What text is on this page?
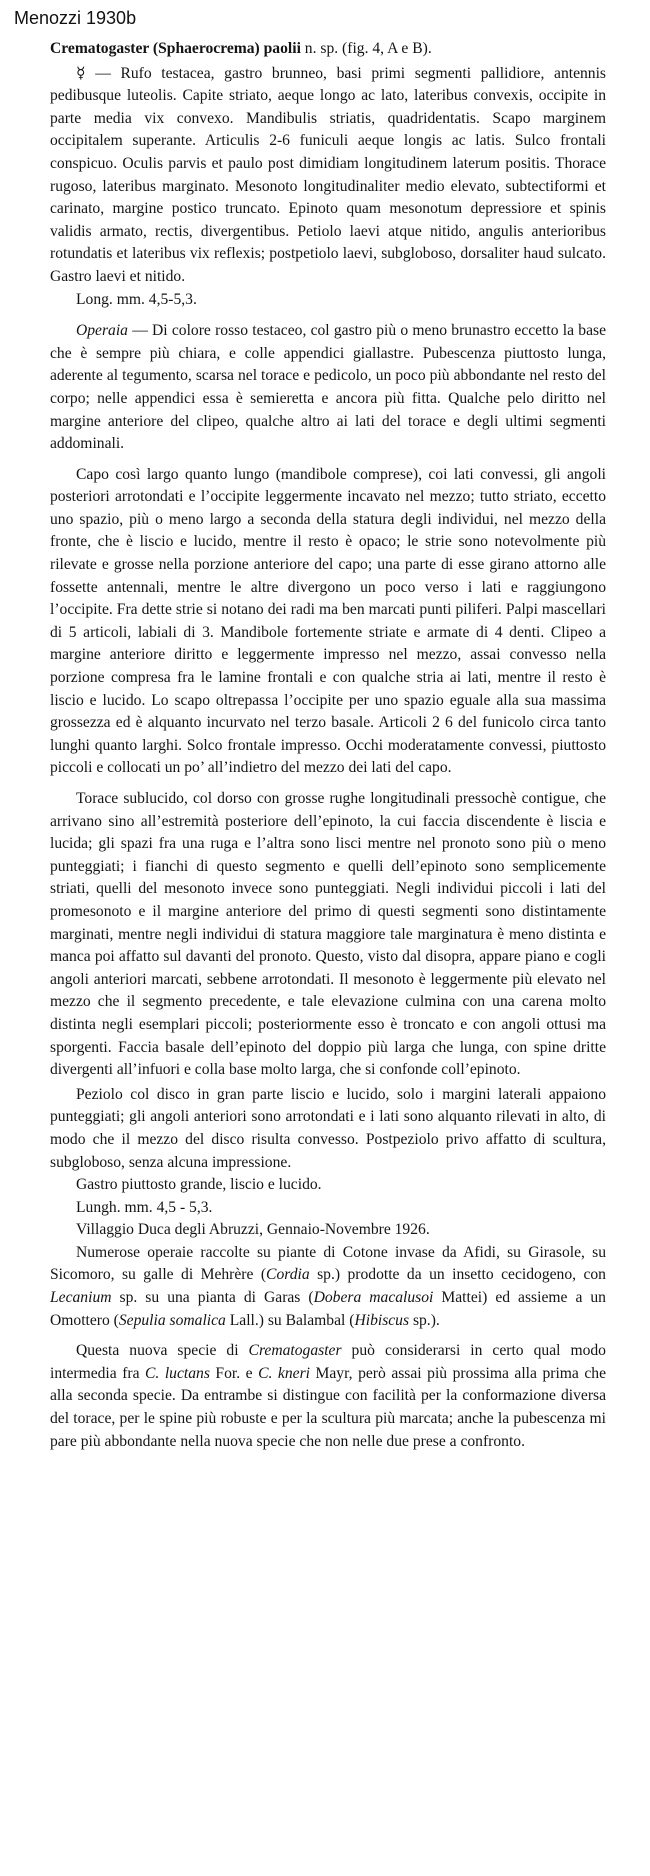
Menozzi 1930b

Crematogaster (Sphaerocrema) paolii n. sp. (fig. 4, A e B).

☿ — Rufo testacea, gastro brunneo, basi primi segmenti pallidiore, antennis pedibusque luteolis. Capite striato, aeque longo ac lato, lateribus convexis, occipite in parte media vix convexo. Mandibulis striatis, quadridentatis. Scapo marginem occipitalem superante. Articulis 2-6 funiculi aeque longis ac latis. Sulco frontali conspicuo. Oculis parvis et paulo post dimidiam longitudinem laterum positis. Thorace rugoso, lateribus marginato. Mesonoto longitudinaliter medio elevato, subtectiformi et carinato, margine postico truncato. Epinoto quam mesonotum depressiore et spinis validis armato, rectis, divergentibus. Petiolo laevi atque nitido, angulis anterioribus rotundatis et lateribus vix reflexis; postpetiolo laevi, subgloboso, dorsaliter haud sulcato. Gastro laevi et nitido.

Long. mm. 4,5-5,3.

Operaia — Di colore rosso testaceo, col gastro più o meno brunastro eccetto la base che è sempre più chiara, e colle appendici giallastre. Pubescenza piuttosto lunga, aderente al tegumento, scarsa nel torace e pedicolo, un poco più abbondante nel resto del corpo; nelle appendici essa è semieretta e ancora più fitta. Qualche pelo diritto nel margine anteriore del clipeo, qualche altro ai lati del torace e degli ultimi segmenti addominali.

Capo così largo quanto lungo (mandibole comprese), coi lati convessi, gli angoli posteriori arrotondati e l’occipite leggermente incavato nel mezzo; tutto striato, eccetto uno spazio, più o meno largo a seconda della statura degli individui, nel mezzo della fronte, che è liscio e lucido, mentre il resto è opaco; le strie sono notevolmente più rilevate e grosse nella porzione anteriore del capo; una parte di esse girano attorno alle fossette antennali, mentre le altre divergono un poco verso i lati e raggiungono l’occipite. Fra dette strie si notano dei radi ma ben marcati punti piliferi. Palpi mascellari di 5 articoli, labiali di 3. Mandibole fortemente striate e armate di 4 denti. Clipeo a margine anteriore diritto e leggermente impresso nel mezzo, assai convesso nella porzione compresa fra le lamine frontali e con qualche stria ai lati, mentre il resto è liscio e lucido. Lo scapo oltrepassa l’occipite per uno spazio eguale alla sua massima grossezza ed è alquanto incurvato nel terzo basale. Articoli 2 6 del funicolo circa tanto lunghi quanto larghi. Solco frontale impresso. Occhi moderatamente convessi, piuttosto piccoli e collocati un po’ all’indietro del mezzo dei lati del capo.

Torace sublucido, col dorso con grosse rughe longitudinali pressochè contigue, che arrivano sino all’estremità posteriore dell’epinoto, la cui faccia discendente è liscia e lucida; gli spazi fra una ruga e l’altra sono lisci mentre nel pronoto sono più o meno punteggiati; i fianchi di questo segmento e quelli dell’epinoto sono semplicemente striati, quelli del mesonoto invece sono punteggiati. Negli individui piccoli i lati del promesonoto e il margine anteriore del primo di questi segmenti sono distintamente marginati, mentre negli individui di statura maggiore tale marginatura è meno distinta e manca poi affatto sul davanti del pronoto. Questo, visto dal disopra, appare piano e cogli angoli anteriori marcati, sebbene arrotondati. Il mesonoto è leggermente più elevato nel mezzo che il segmento precedente, e tale elevazione culmina con una carena molto distinta negli esemplari piccoli; posteriormente esso è troncato e con angoli ottusi ma sporgenti. Faccia basale dell’epinoto del doppio più larga che lunga, con spine dritte divergenti all’infuori e colla base molto larga, che si confonde coll’epinoto.

Peziolo col disco in gran parte liscio e lucido, solo i margini laterali appaiono punteggiati; gli angoli anteriori sono arrotondati e i lati sono alquanto rilevati in alto, di modo che il mezzo del disco risulta convesso. Postpeziolo privo affatto di scultura, subgloboso, senza alcuna impressione.

Gastro piuttosto grande, liscio e lucido.

Lungh. mm. 4,5 - 5,3.

Villaggio Duca degli Abruzzi, Gennaio-Novembre 1926.

Numerose operaie raccolte su piante di Cotone invase da Afidi, su Girasole, su Sicomoro, su galle di Mehrère (Cordia sp.) prodotte da un insetto cecidogeno, con Lecanium sp. su una pianta di Garas (Dobera macalusoi Mattei) ed assieme a un Omottero (Sepulia somalica Lall.) su Balambal (Hibiscus sp.).

Questa nuova specie di Crematogaster può considerarsi in certo qual modo intermedia fra C. luctans For. e C. kneri Mayr, però assai più prossima alla prima che alla seconda specie. Da entrambe si distingue con facilità per la conformazione diversa del torace, per le spine più robuste e per la scultura più marcata; anche la pubescenza mi pare più abbondante nella nuova specie che non nelle due prese a confronto.
